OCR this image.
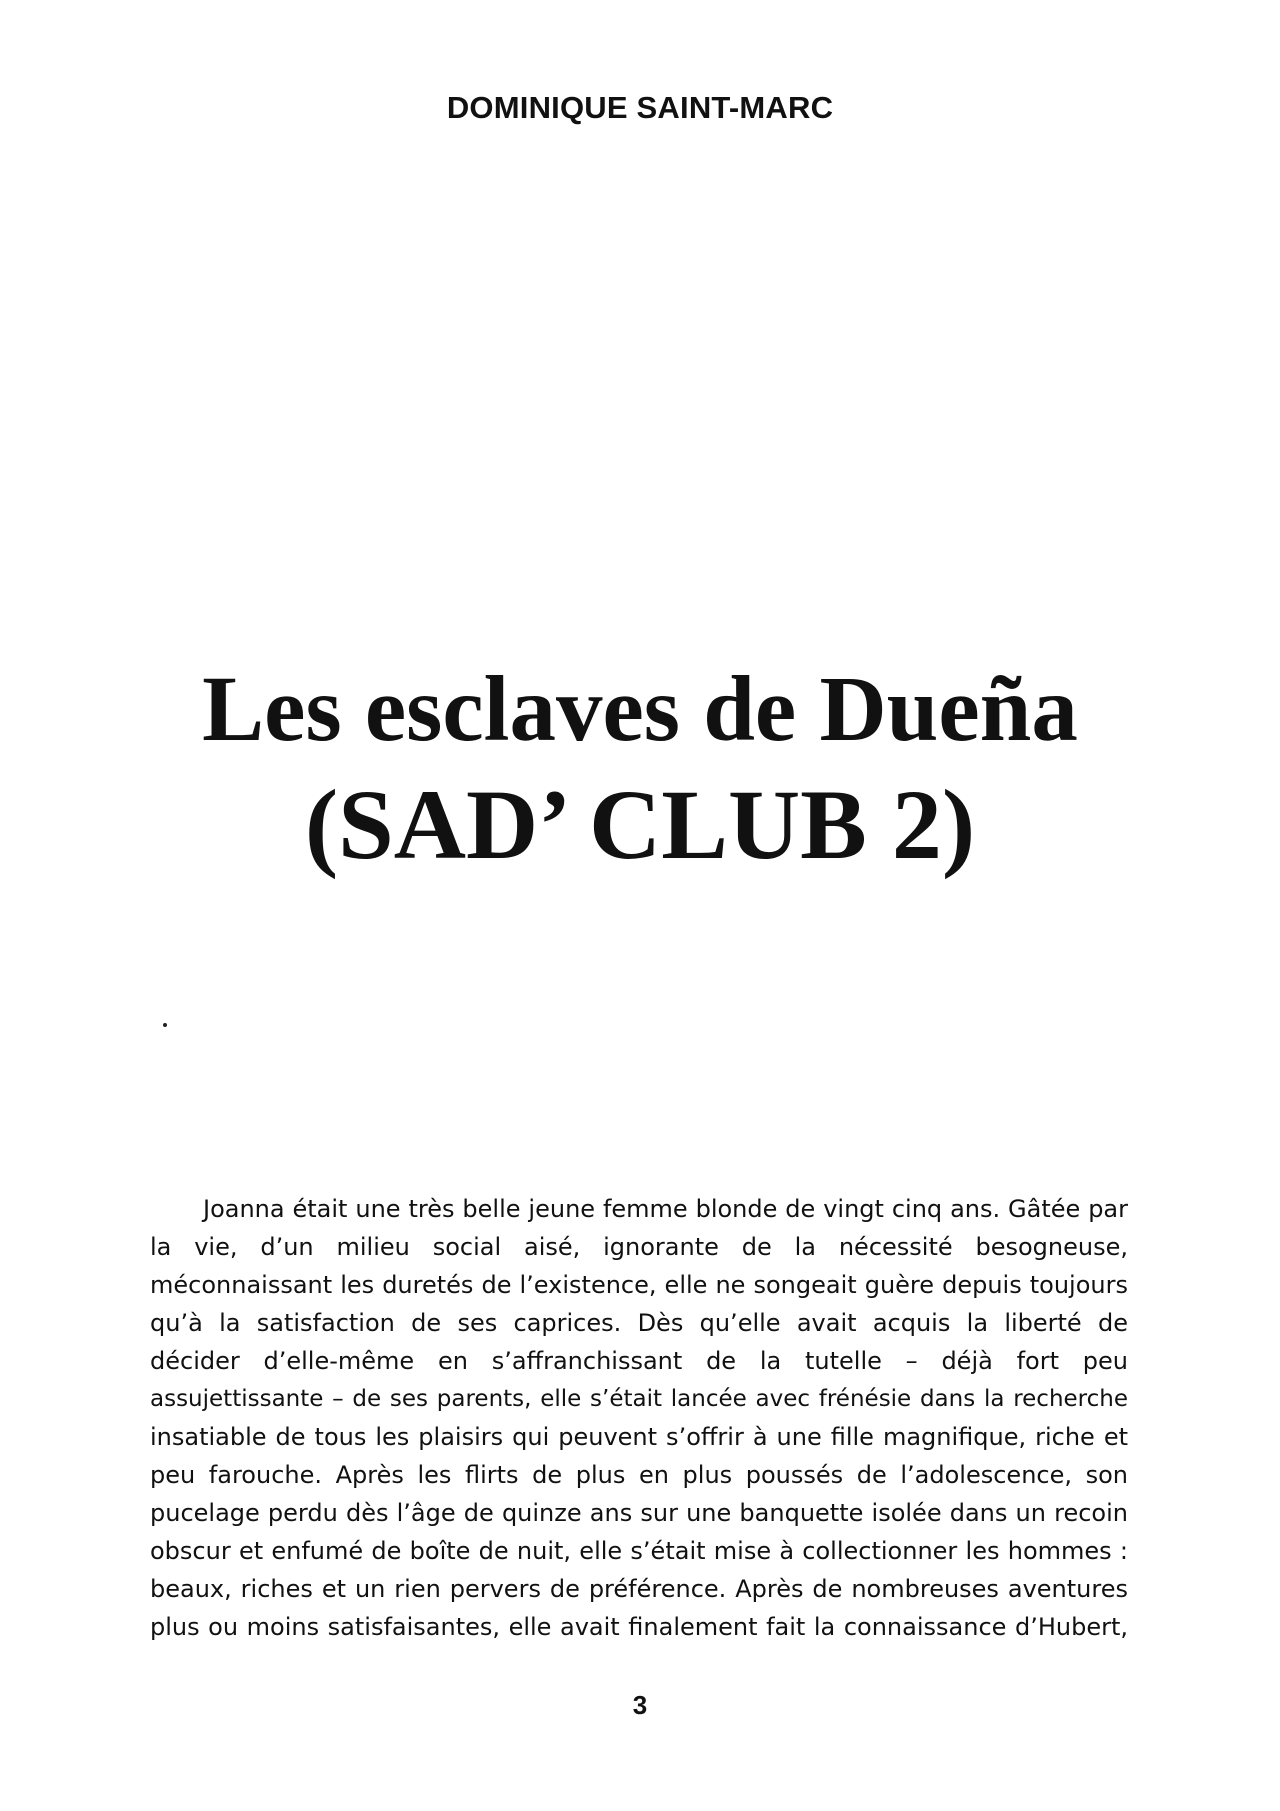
DOMINIQUE SAINT-MARC
Les esclaves de Dueña
(SAD’ CLUB 2)
Joanna était une très belle jeune femme blonde de vingt cinq ans. Gâtée par
la vie, d’un milieu social aisé, ignorante de la nécessité besogneuse,
méconnaissant les duretés de l’existence, elle ne songeait guère depuis toujours
qu’à la satisfaction de ses caprices. Dès qu’elle avait acquis la liberté de
décider d’elle-même en s’affranchissant de la tutelle – déjà fort peu
assujettissante – de ses parents, elle s’était lancée avec frénésie dans la recherche
insatiable de tous les plaisirs qui peuvent s’offrir à une fille magnifique, riche et
peu farouche. Après les flirts de plus en plus poussés de l’adolescence, son
pucelage perdu dès l’âge de quinze ans sur une banquette isolée dans un recoin
obscur et enfumé de boîte de nuit, elle s’était mise à collectionner les hommes :
beaux, riches et un rien pervers de préférence. Après de nombreuses aventures
plus ou moins satisfaisantes, elle avait finalement fait la connaissance d’Hubert,
3
